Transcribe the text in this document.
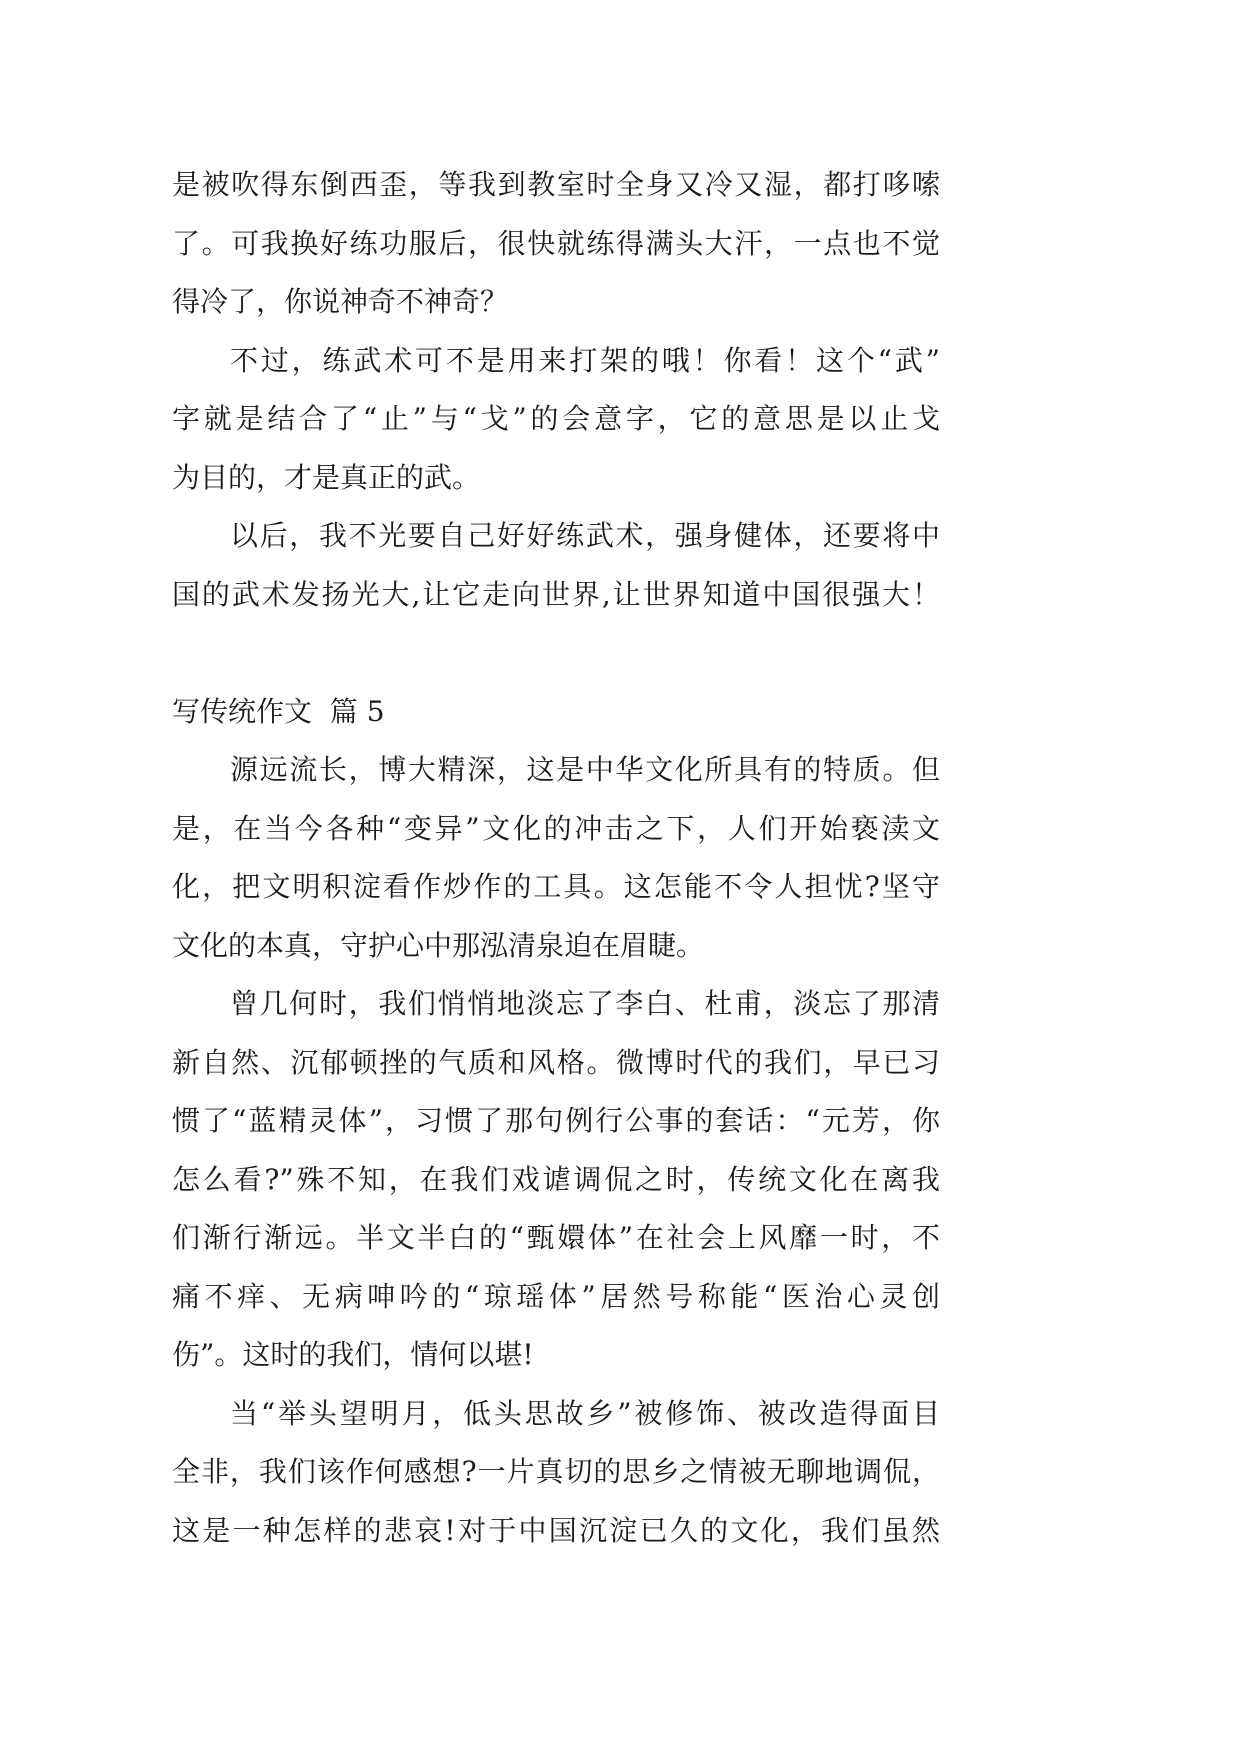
是被吹得东倒西歪，等我到教室时全身又冷又湿，都打哆嗦
了。可我换好练功服后，很快就练得满头大汗，一点也不觉
得冷了，你说神奇不神奇？
不过，练武术可不是用来打架的哦！你看！这个“武”
字就是结合了“止”与“戈”的会意字，它的意思是以止戈
为目的，才是真正的武。
以后，我不光要自己好好练武术，强身健体，还要将中
国的武术发扬光大,让它走向世界,让世界知道中国很强大！
写传统作文  篇 5
源远流长，博大精深，这是中华文化所具有的特质。但
是，在当今各种“变异”文化的冲击之下，人们开始亵渎文
化，把文明积淀看作炒作的工具。这怎能不令人担忧?坚守
文化的本真，守护心中那泓清泉迫在眉睫。
曾几何时，我们悄悄地淡忘了李白、杜甫，淡忘了那清
新自然、沉郁顿挫的气质和风格。微博时代的我们，早已习
惯了“蓝精灵体”，习惯了那句例行公事的套话：“元芳，你
怎么看?”殊不知，在我们戏谑调侃之时，传统文化在离我
们渐行渐远。半文半白的“甄嬛体”在社会上风靡一时，不
痛不痒、无病呻吟的“琼瑶体”居然号称能“医治心灵创
伤”。这时的我们，情何以堪!
当“举头望明月，低头思故乡”被修饰、被改造得面目
全非，我们该作何感想?一片真切的思乡之情被无聊地调侃，
这是一种怎样的悲哀!对于中国沉淀已久的文化，我们虽然
